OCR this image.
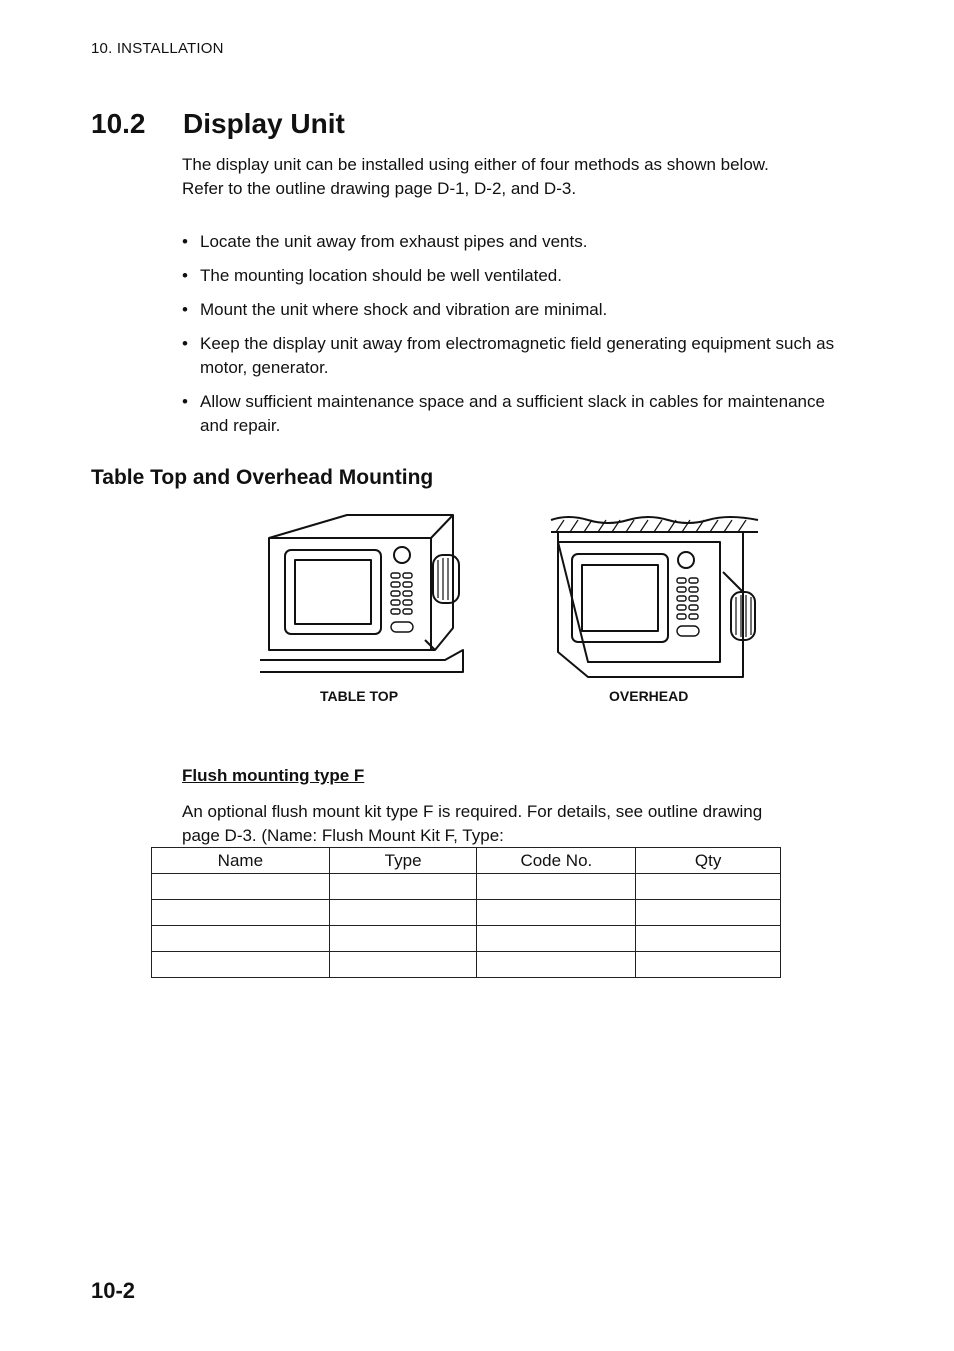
10. INSTALLATION
10.2 Display Unit

The display unit can be installed using either of four methods as shown below.
Refer to the outline drawing page D-1, D-2, and D-3.

• Locate the unit away from exhaust pipes and vents.
• The mounting location should be well ventilated.
• Mount the unit where shock and vibration are minimal.
• Keep the display unit away from electromagnetic field generating equipment such as motor, generator.
• Allow sufficient maintenance space and a sufficient slack in cables for maintenance and repair.
Table Top and Overhead Mounting
TABLE TOP	OVERHEAD
Flush mounting type F

An optional flush mount kit type F is required. For details, see outline drawing
page D-3. (Name: Flush Mount Kit F, Type:

Name	Type	Code No.	Qty

10-2
